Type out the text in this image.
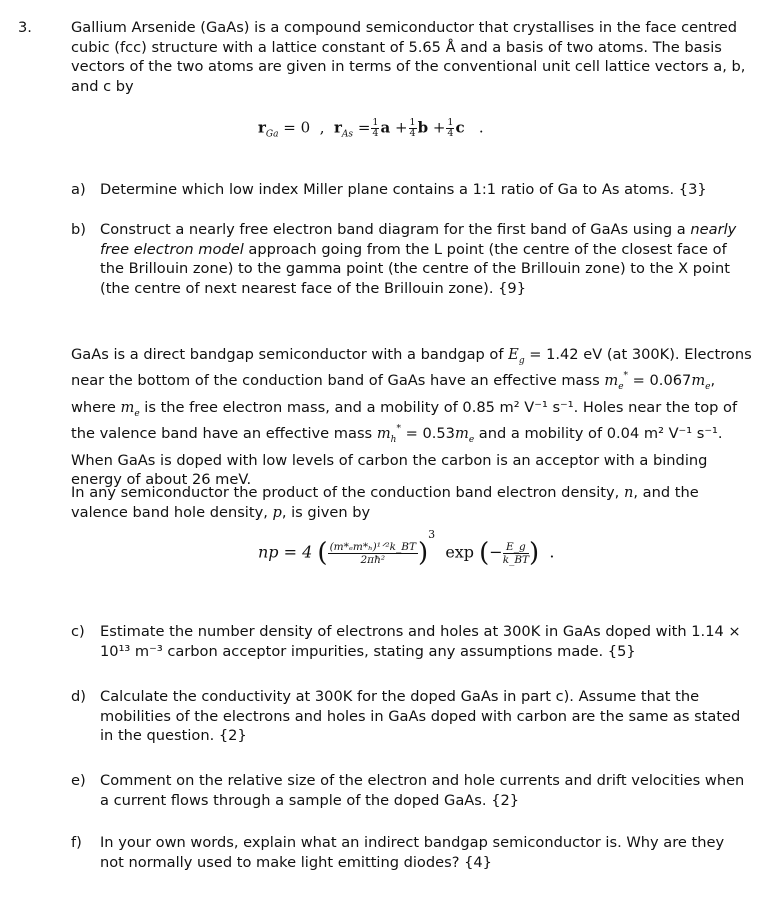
3.	Gallium Arsenide (GaAs) is a compound semiconductor that crystallises in the face centred cubic (fcc) structure with a lattice constant of 5.65 Å and a basis of two atoms. The basis vectors of the two atoms are given in terms of the conventional unit cell lattice vectors a, b, and c by
$r_{Ga} = 0$ , $r_{As} = \frac{1}{4}$ $a + \frac{1}{4}$ $b + \frac{1}{4}$ c   .
a) Determine which low index Miller plane contains a 1:1 ratio of Ga to As atoms. {3}
b) Construct a nearly free electron band diagram for the first band of GaAs using a nearly free electron model approach going from the L point (the centre of the closest face of the Brillouin zone) to the gamma point (the centre of the Brillouin zone) to the X point (the centre of next nearest face of the Brillouin zone). {9}
GaAs is a direct bandgap semiconductor with a bandgap of $E_g = 1.42$ eV (at 300K). Electrons near the bottom of the conduction band of GaAs have an effective mass $m_e^* = 0.067m_e$, where $m_e$ is the free electron mass, and a mobility of 0.85 m² V⁻¹ s⁻¹. Holes near the top of the valence band have an effective mass $m_h^* = 0.53m_e$ and a mobility of 0.04 m² V⁻¹ s⁻¹. When GaAs is doped with low levels of carbon the carbon is an acceptor with a binding energy of about 26 meV.
In any semiconductor the product of the conduction band electron density, n, and the valence band hole density, p, is given by
np = 4 ( (m*ₑm*ₕ)¹ᐟ²k_BT
2πħ²	)$^3$  exp (− $\frac{E\_g}{k\_BT}$ )  .
c) Estimate the number density of electrons and holes at 300K in GaAs doped with 1.14 × 10¹³ m⁻³ carbon acceptor impurities, stating any assumptions made. {5}
d) Calculate the conductivity at 300K for the doped GaAs in part c). Assume that the mobilities of the electrons and holes in GaAs doped with carbon are the same as stated in the question. {2}
e) Comment on the relative size of the electron and hole currents and drift velocities when a current flows through a sample of the doped GaAs. {2}
f) In your own words, explain what an indirect bandgap semiconductor is. Why are they not normally used to make light emitting diodes? {4}
